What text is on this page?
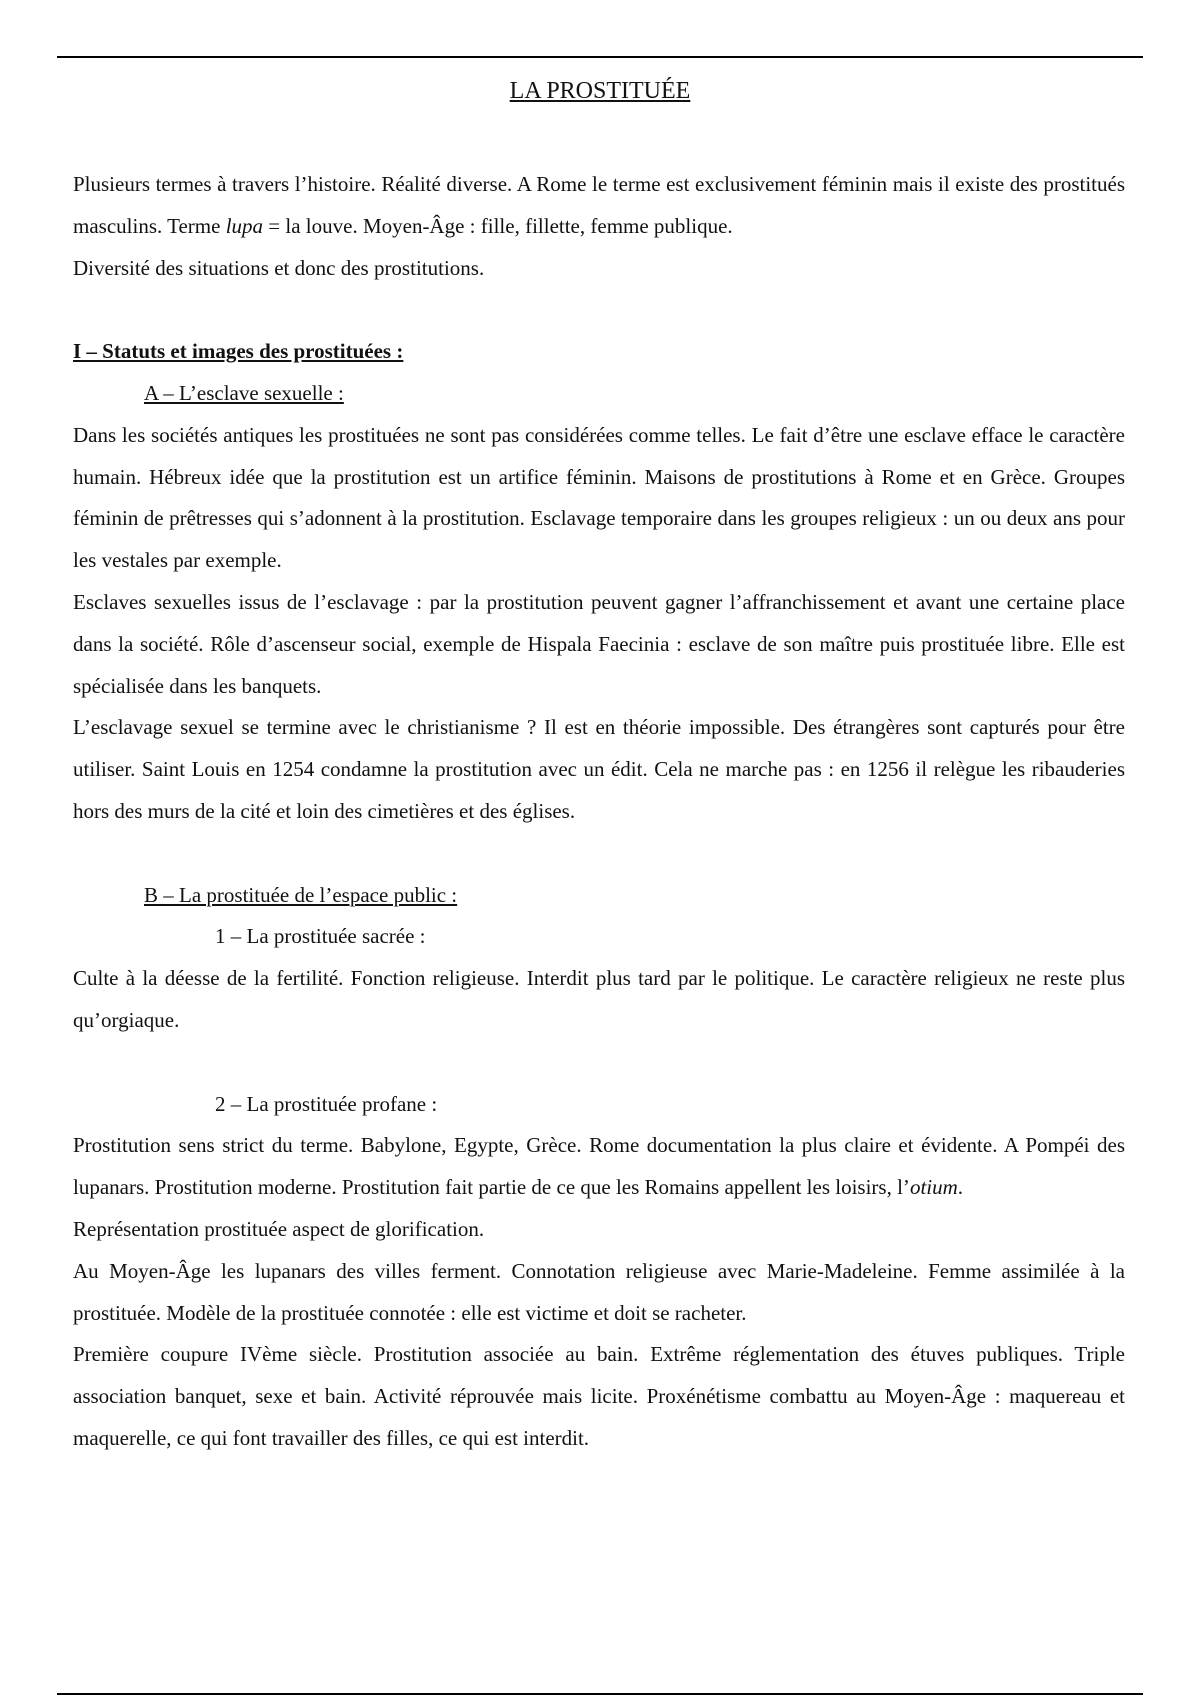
LA PROSTITUÉE

Plusieurs termes à travers l’histoire. Réalité diverse. A Rome le terme est exclusivement féminin mais il existe des prostitués masculins. Terme lupa = la louve. Moyen-Âge : fille, fillette, femme publique.

Diversité des situations et donc des prostitutions.

I – Statuts et images des prostituées :

A – L’esclave sexuelle :

Dans les sociétés antiques les prostituées ne sont pas considérées comme telles. Le fait d’être une esclave efface le caractère humain. Hébreux idée que la prostitution est un artifice féminin. Maisons de prostitutions à Rome et en Grèce. Groupes féminin de prêtresses qui s’adonnent à la prostitution. Esclavage temporaire dans les groupes religieux : un ou deux ans pour les vestales par exemple.

Esclaves sexuelles issus de l’esclavage : par la prostitution peuvent gagner l’affranchissement et avant une certaine place dans la société. Rôle d’ascenseur social, exemple de Hispala Faecinia : esclave de son maître puis prostituée libre. Elle est spécialisée dans les banquets.

L’esclavage sexuel se termine avec le christianisme ? Il est en théorie impossible. Des étrangères sont capturés pour être utiliser. Saint Louis en 1254 condamne la prostitution avec un édit. Cela ne marche pas : en 1256 il relègue les ribauderies hors des murs de la cité et loin des cimetières et des églises.

B – La prostituée de l’espace public :

1 – La prostituée sacrée :

Culte à la déesse de la fertilité. Fonction religieuse. Interdit plus tard par le politique. Le caractère religieux ne reste plus qu’orgiaque.

2 – La prostituée profane :

Prostitution sens strict du terme. Babylone, Egypte, Grèce. Rome documentation la plus claire et évidente. A Pompéi des lupanars. Prostitution moderne. Prostitution fait partie de ce que les Romains appellent les loisirs, l’otium.

Représentation prostituée aspect de glorification.

Au Moyen-Âge les lupanars des villes ferment. Connotation religieuse avec Marie-Madeleine. Femme assimilée à la prostituée. Modèle de la prostituée connotée : elle est victime et doit se racheter.

Première coupure IVème siècle. Prostitution associée au bain. Extrême réglementation des étuves publiques. Triple association banquet, sexe et bain. Activité réprouvée mais licite. Proxénétisme combattu au Moyen-Âge : maquereau et maquerelle, ce qui font travailler des filles, ce qui est interdit.
